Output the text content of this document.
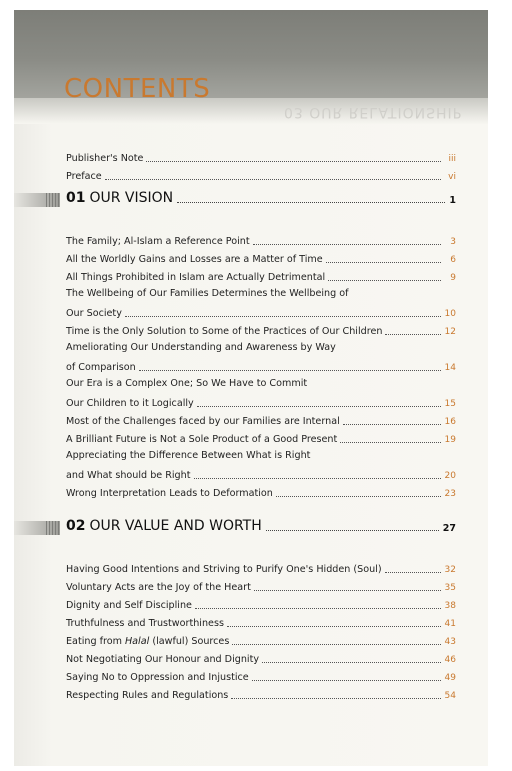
CONTENTS
03 OUR RELATIONSHIP
Publisher's Note	iii
Preface	vi
01 OUR VISION	1
The Family; Al-Islam a Reference Point	3
All the Worldly Gains and Losses are a Matter of Time	6
All Things Prohibited in Islam are Actually Detrimental	9
The Wellbeing of Our Families Determines the Wellbeing of
Our Society	10
Time is the Only Solution to Some of the Practices of Our Children	12
Ameliorating Our Understanding and Awareness by Way
of Comparison	14
Our Era is a Complex One; So We Have to Commit
Our Children to it Logically	15
Most of the Challenges faced by our Families are Internal	16
A Brilliant Future is Not a Sole Product of a Good Present	19
Appreciating the Difference Between What is Right
and What should be Right	20
Wrong Interpretation Leads to Deformation	23
02 OUR VALUE AND WORTH	27
Having Good Intentions and Striving to Purify One's Hidden (Soul)	32
Voluntary Acts are the Joy of the Heart	35
Dignity and Self Discipline	38
Truthfulness and Trustworthiness	41
Eating from Halal (lawful) Sources	43
Not Negotiating Our Honour and Dignity	46
Saying No to Oppression and Injustice	49
Respecting Rules and Regulations	54
